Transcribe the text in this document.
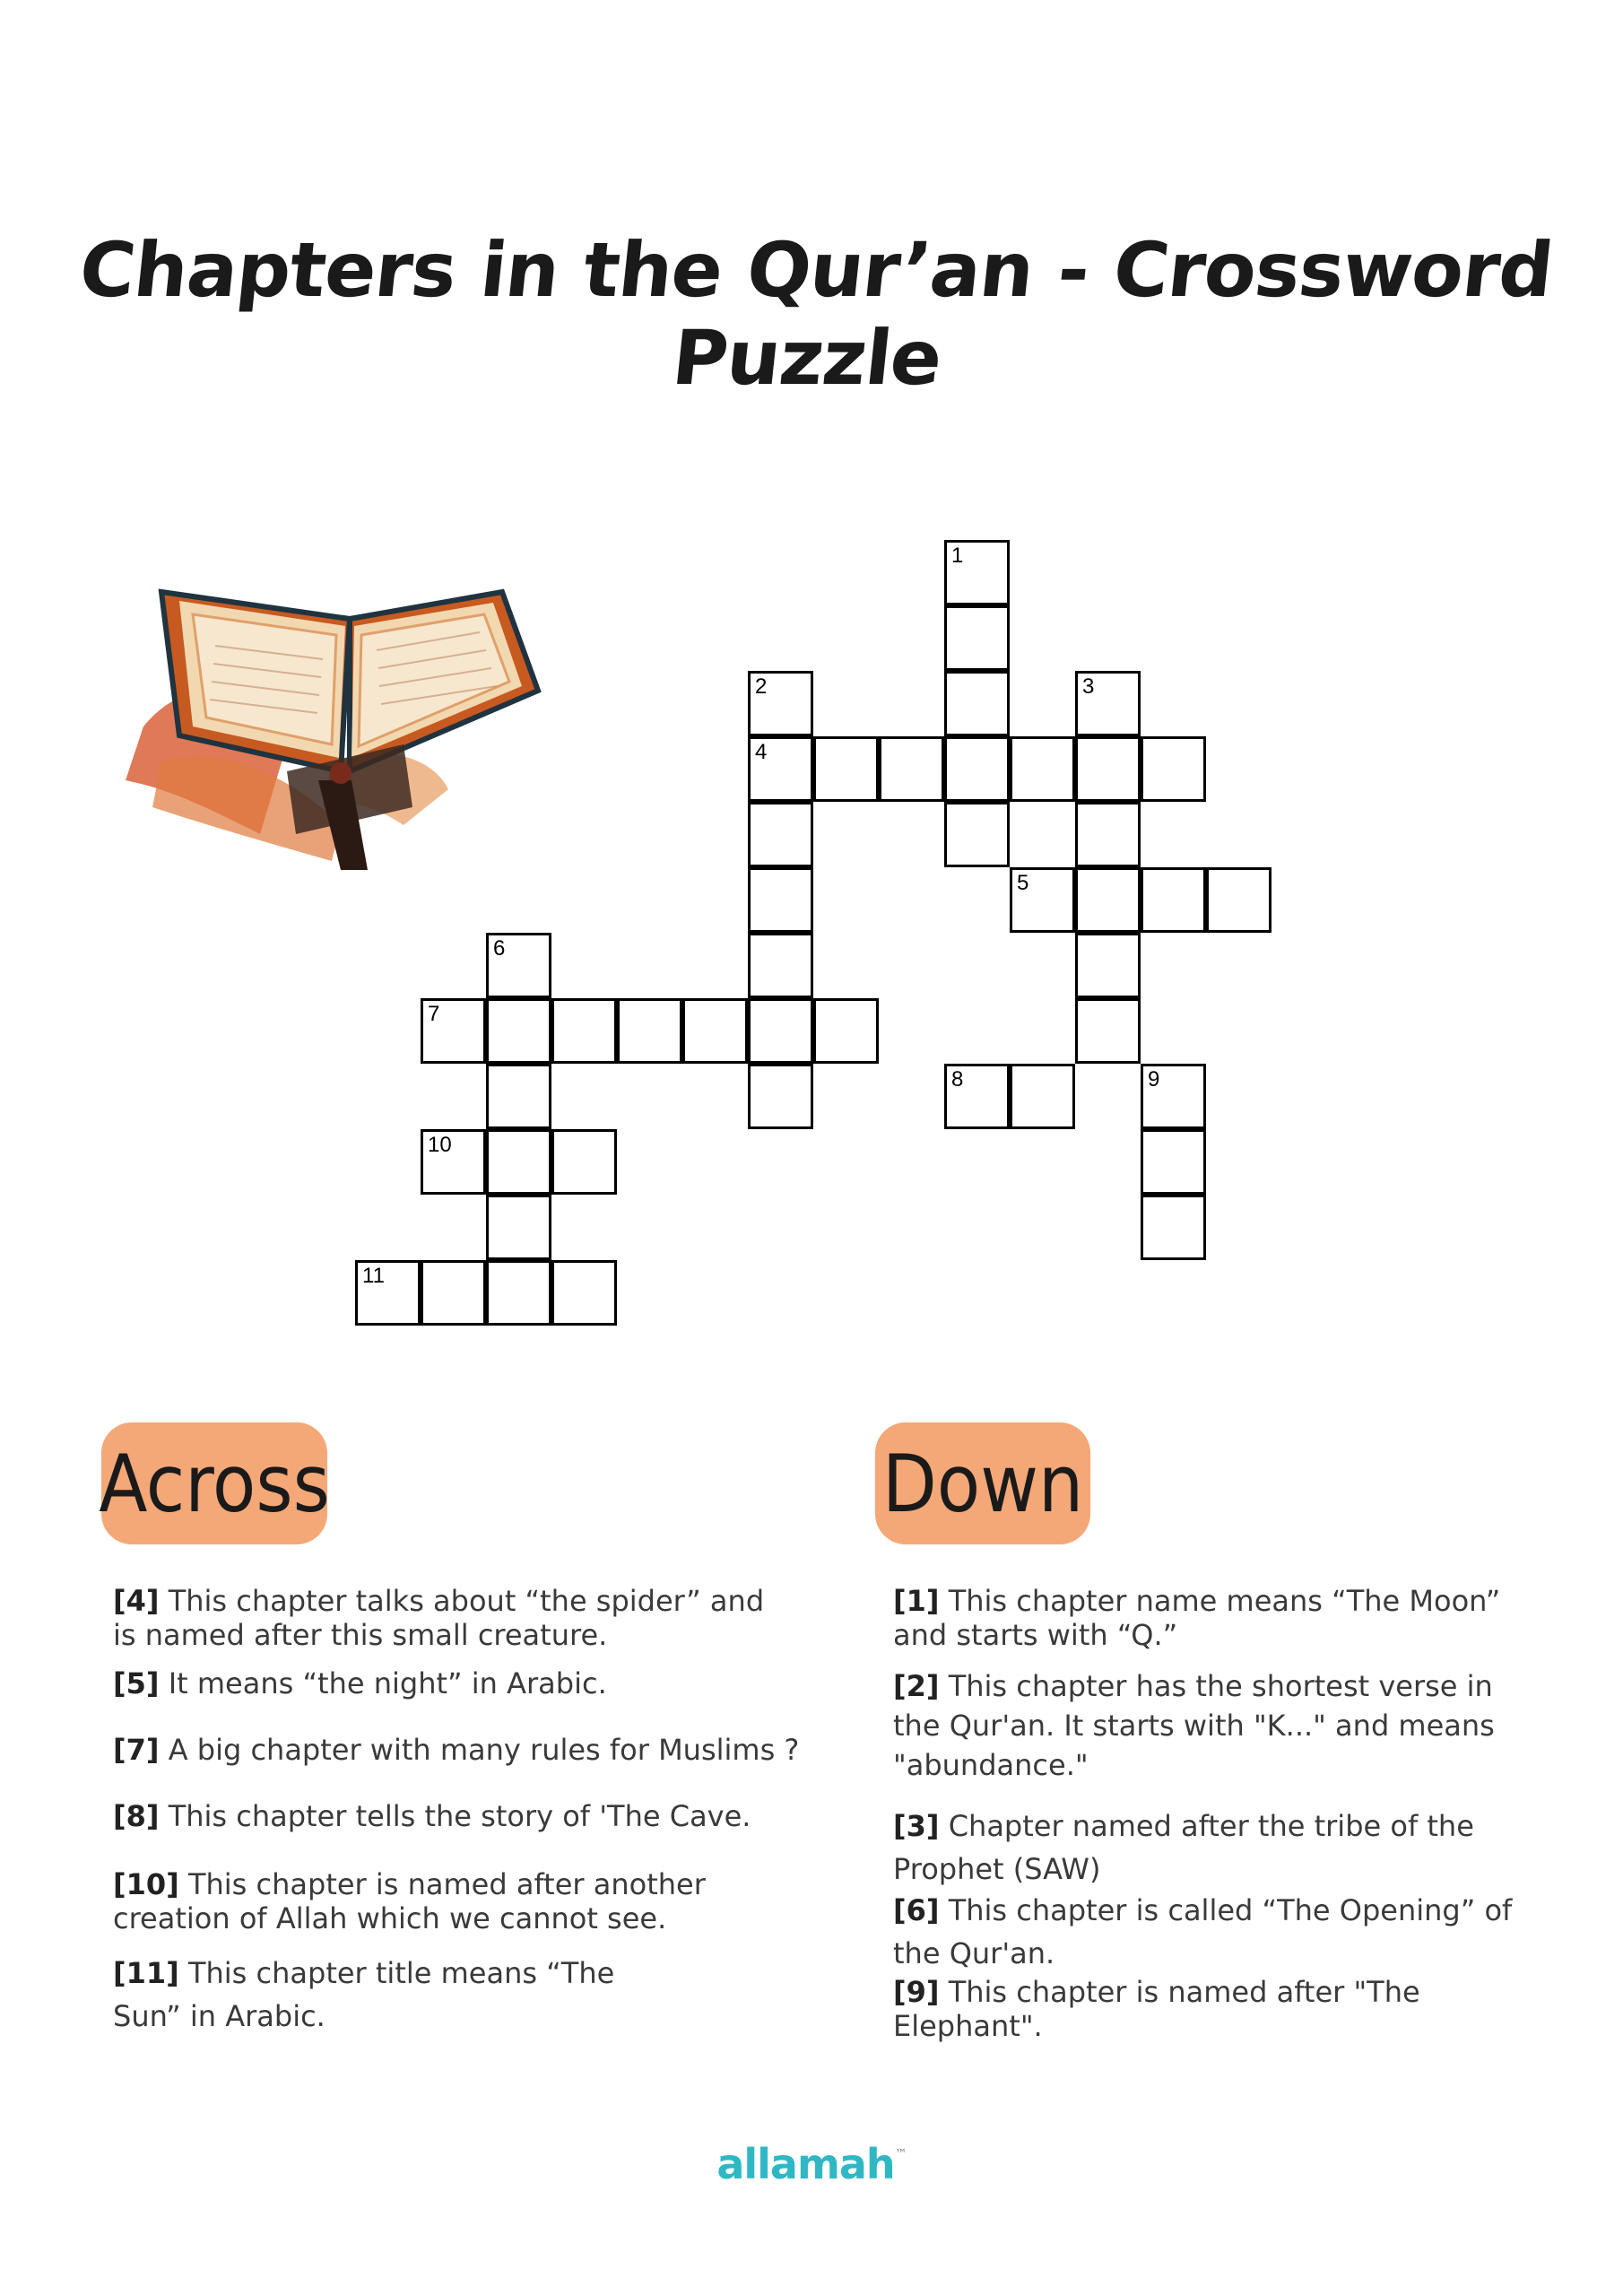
Chapters in the Qur’an - Crossword Puzzle
1
2
4
3
5
6
7
8	9
10
11
Across	Down
[4] This chapter talks about “the spider” and is named after this small creature.
[5] It means “the night” in Arabic.
[7] A big chapter with many rules for Muslims ?
[8] This chapter tells the story of 'The Cave.
[10] This chapter is named after another creation of Allah which we cannot see.
[11] This chapter title means “The Sun” in Arabic.
[1] This chapter name means “The Moon” and starts with “Q.”
[2] This chapter has the shortest verse in the Qur'an. It starts with "K..." and means "abundance."
[3] Chapter named after the tribe of the Prophet (SAW)
[6] This chapter is called “The Opening” of the Qur'an.
[9] This chapter is named after "The Elephant".
allamah™
